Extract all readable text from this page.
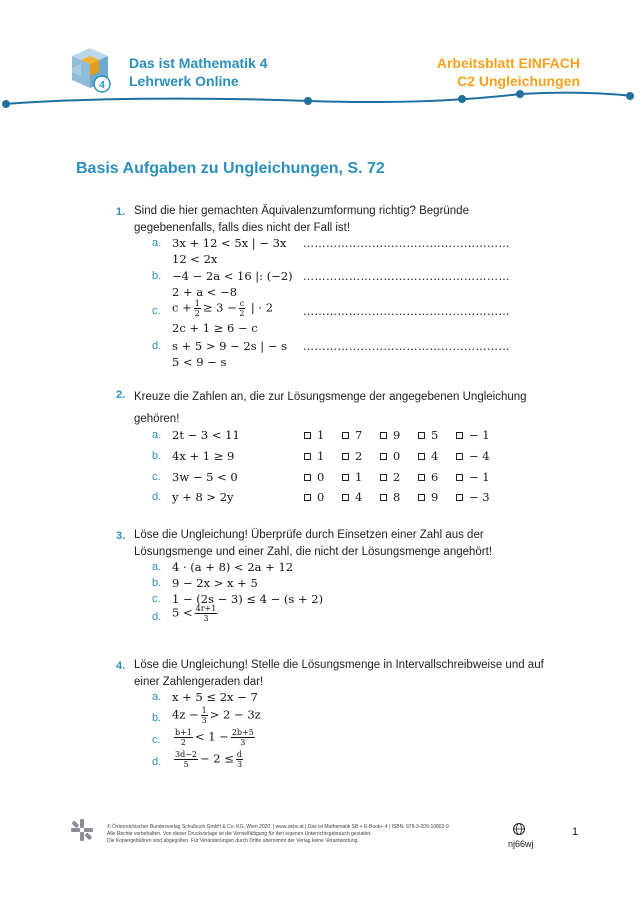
4
Das ist Mathematik 4
Lehrwerk Online
Arbeitsblatt EINFACH
C2 Ungleichungen
Basis Aufgaben zu Ungleichungen, S. 72
1. Sind die hier gemachten Äquivalenzumformung richtig? Begründe
gegebenenfalls, falls dies nicht der Fall ist!
a. 3x + 12 < 5x | − 3x
12 < 2x
………………………………………………
b. −4 − 2a < 16 |: (−2)
2 + a < −8
………………………………………………
c. $c + \frac{1}{2} \ge 3 - \frac{c}{2}$ | · 2
2c + 1 ≥ 6 − c
………………………………………………
d. s + 5 > 9 − 2s | − s
5 < 9 − s
………………………………………………
2. Kreuze die Zahlen an, die zur Lösungsmenge der angegebenen Ungleichung
gehören!
a. 2t − 3 < 11	1	7	9	5	− 1
b. 4x + 1 ≥ 9	1	2	0	4	− 4
c. 3w − 5 < 0	0	1	2	6	− 1
d. y + 8 > 2y	0	4	8	9	− 3
3. Löse die Ungleichung! Überprüfe durch Einsetzen einer Zahl aus der
Lösungsmenge und einer Zahl, die nicht der Lösungsmenge angehört!
a. 4 · (a + 8) < 2a + 12
b. 9 − 2x > x + 5
c. 1 − (2s − 3) ≤ 4 − (s + 2)
d. $5 < \frac{4r+1}{3}$
4. Löse die Ungleichung! Stelle die Lösungsmenge in Intervallschreibweise und auf
einer Zahlengeraden dar!
a. x + 5 ≤ 2x − 7
b. $4z - \frac{1}{3} > 2 - 3z$
c. $\frac{b+1}{2} < 1 - \frac{2b+5}{3}$
d. $\frac{3d-2}{5} - 2 \le \frac{d}{3}$
© Österreichischer Bundesverlag Schulbuch GmbH & Co. KG, Wien 2020. | www.oebv.at | Das ist Mathematik SB + E-Book+ 4 | ISBN: 978-3-209-10802-9
Alle Rechte vorbehalten. Von dieser Druckvorlage ist die Vervielfältigung für den eigenen Unterrichtsgebrauch gestattet.
Die Kopiergebühren sind abgegolten. Für Veränderungen durch Dritte übernimmt der Verlag keine Verantwortung.	nj66wj
1
